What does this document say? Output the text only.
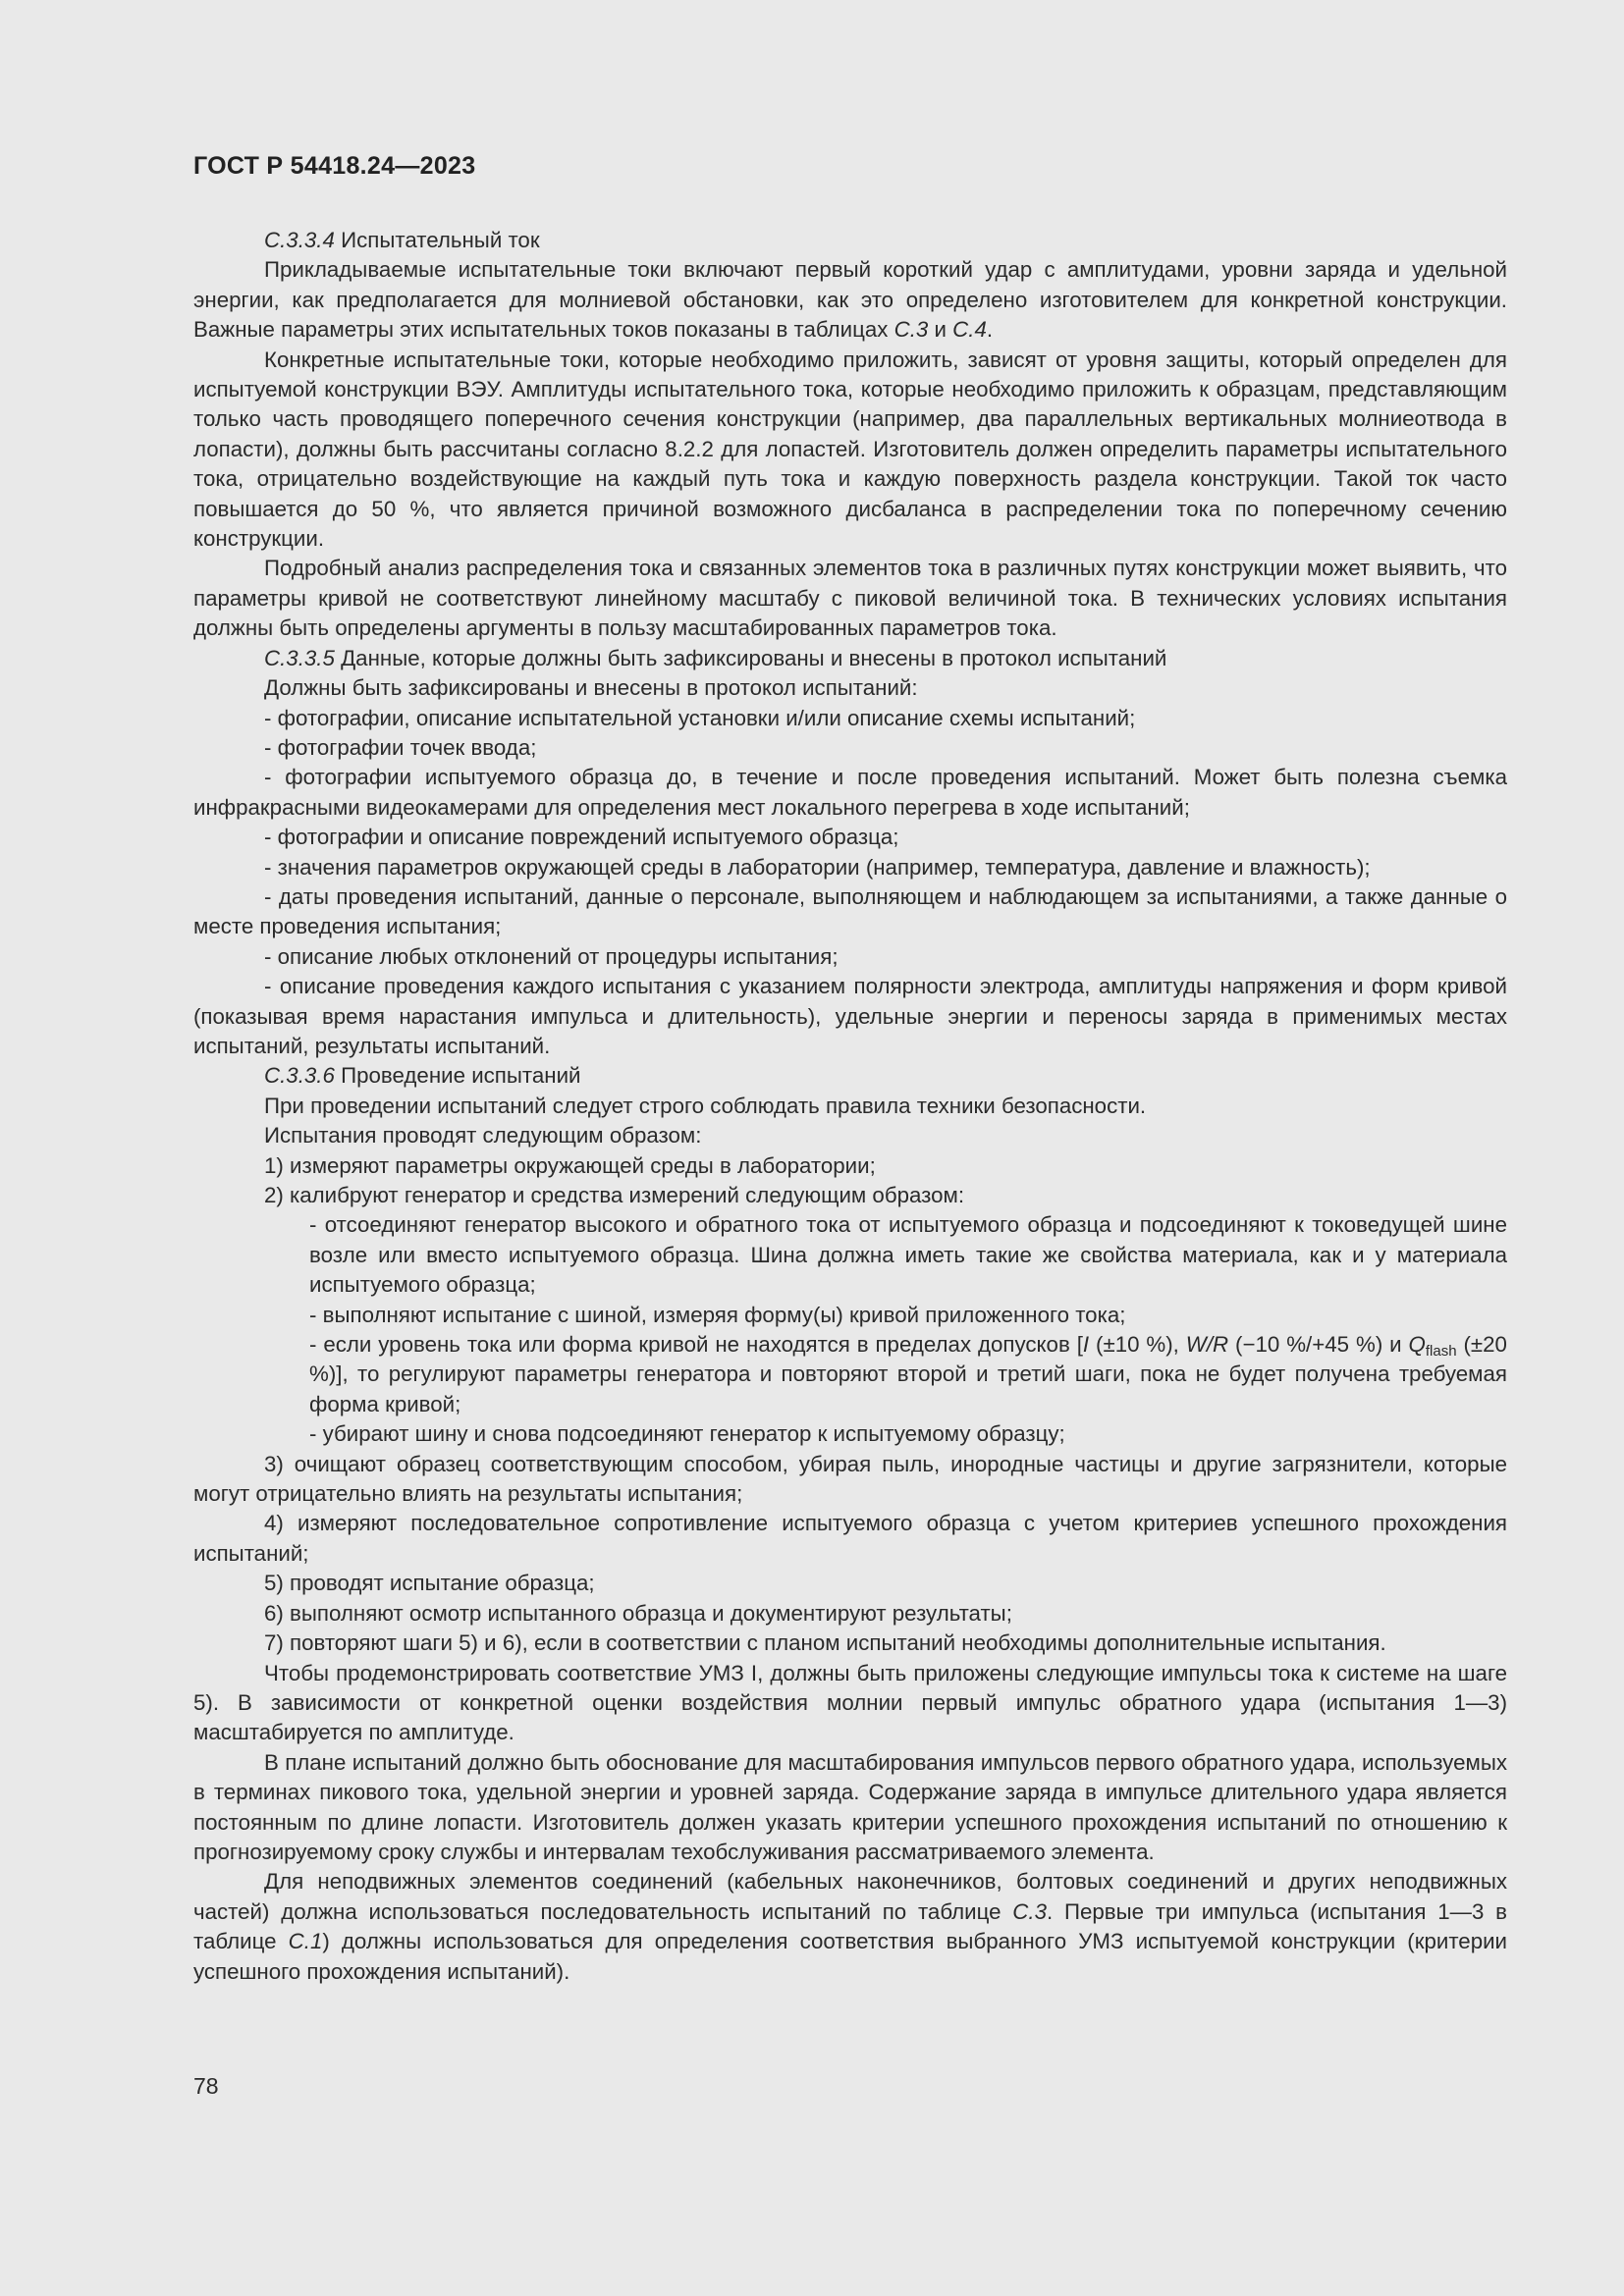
ГОСТ Р 54418.24—2023

С.3.3.4 Испытательный ток

Прикладываемые испытательные токи включают первый короткий удар с амплитудами, уровни заряда и удельной энергии, как предполагается для молниевой обстановки, как это определено изготовителем для конкретной конструкции. Важные параметры этих испытательных токов показаны в таблицах С.3 и С.4.

Конкретные испытательные токи, которые необходимо приложить, зависят от уровня защиты, который определен для испытуемой конструкции ВЭУ. Амплитуды испытательного тока, которые необходимо приложить к образцам, представляющим только часть проводящего поперечного сечения конструкции (например, два параллельных вертикальных молниеотвода в лопасти), должны быть рассчитаны согласно 8.2.2 для лопастей. Изготовитель должен определить параметры испытательного тока, отрицательно воздействующие на каждый путь тока и каждую поверхность раздела конструкции. Такой ток часто повышается до 50 %, что является причиной возможного дисбаланса в распределении тока по поперечному сечению конструкции.

Подробный анализ распределения тока и связанных элементов тока в различных путях конструкции может выявить, что параметры кривой не соответствуют линейному масштабу с пиковой величиной тока. В технических условиях испытания должны быть определены аргументы в пользу масштабированных параметров тока.

С.3.3.5 Данные, которые должны быть зафиксированы и внесены в протокол испытаний

Должны быть зафиксированы и внесены в протокол испытаний:

- фотографии, описание испытательной установки и/или описание схемы испытаний;

- фотографии точек ввода;

- фотографии испытуемого образца до, в течение и после проведения испытаний. Может быть полезна съемка инфракрасными видеокамерами для определения мест локального перегрева в ходе испытаний;

- фотографии и описание повреждений испытуемого образца;

- значения параметров окружающей среды в лаборатории (например, температура, давление и влажность);

- даты проведения испытаний, данные о персонале, выполняющем и наблюдающем за испытаниями, а также данные о месте проведения испытания;

- описание любых отклонений от процедуры испытания;

- описание проведения каждого испытания с указанием полярности электрода, амплитуды напряжения и форм кривой (показывая время нарастания импульса и длительность), удельные энергии и переносы заряда в применимых местах испытаний, результаты испытаний.

С.3.3.6 Проведение испытаний

При проведении испытаний следует строго соблюдать правила техники безопасности.

Испытания проводят следующим образом:

1) измеряют параметры окружающей среды в лаборатории;

2) калибруют генератор и средства измерений следующим образом:

- отсоединяют генератор высокого и обратного тока от испытуемого образца и подсоединяют к токоведущей шине возле или вместо испытуемого образца. Шина должна иметь такие же свойства материала, как и у материала испытуемого образца;

- выполняют испытание с шиной, измеряя форму(ы) кривой приложенного тока;

- если уровень тока или форма кривой не находятся в пределах допусков [I (±10 %), W/R (−10 %/+45 %) и $Q_{flash}$ (±20 %)], то регулируют параметры генератора и повторяют второй и третий шаги, пока не будет получена требуемая форма кривой;

- убирают шину и снова подсоединяют генератор к испытуемому образцу;

3) очищают образец соответствующим способом, убирая пыль, инородные частицы и другие загрязнители, которые могут отрицательно влиять на результаты испытания;

4) измеряют последовательное сопротивление испытуемого образца с учетом критериев успешного прохождения испытаний;

5) проводят испытание образца;

6) выполняют осмотр испытанного образца и документируют результаты;

7) повторяют шаги 5) и 6), если в соответствии с планом испытаний необходимы дополнительные испытания.

Чтобы продемонстрировать соответствие УМЗ I, должны быть приложены следующие импульсы тока к системе на шаге 5). В зависимости от конкретной оценки воздействия молнии первый импульс обратного удара (испытания 1—3) масштабируется по амплитуде.

В плане испытаний должно быть обоснование для масштабирования импульсов первого обратного удара, используемых в терминах пикового тока, удельной энергии и уровней заряда. Содержание заряда в импульсе длительного удара является постоянным по длине лопасти. Изготовитель должен указать критерии успешного прохождения испытаний по отношению к прогнозируемому сроку службы и интервалам техобслуживания рассматриваемого элемента.

Для неподвижных элементов соединений (кабельных наконечников, болтовых соединений и других неподвижных частей) должна использоваться последовательность испытаний по таблице С.3. Первые три импульса (испытания 1—3 в таблице С.1) должны использоваться для определения соответствия выбранного УМЗ испытуемой конструкции (критерии успешного прохождения испытаний).

78
